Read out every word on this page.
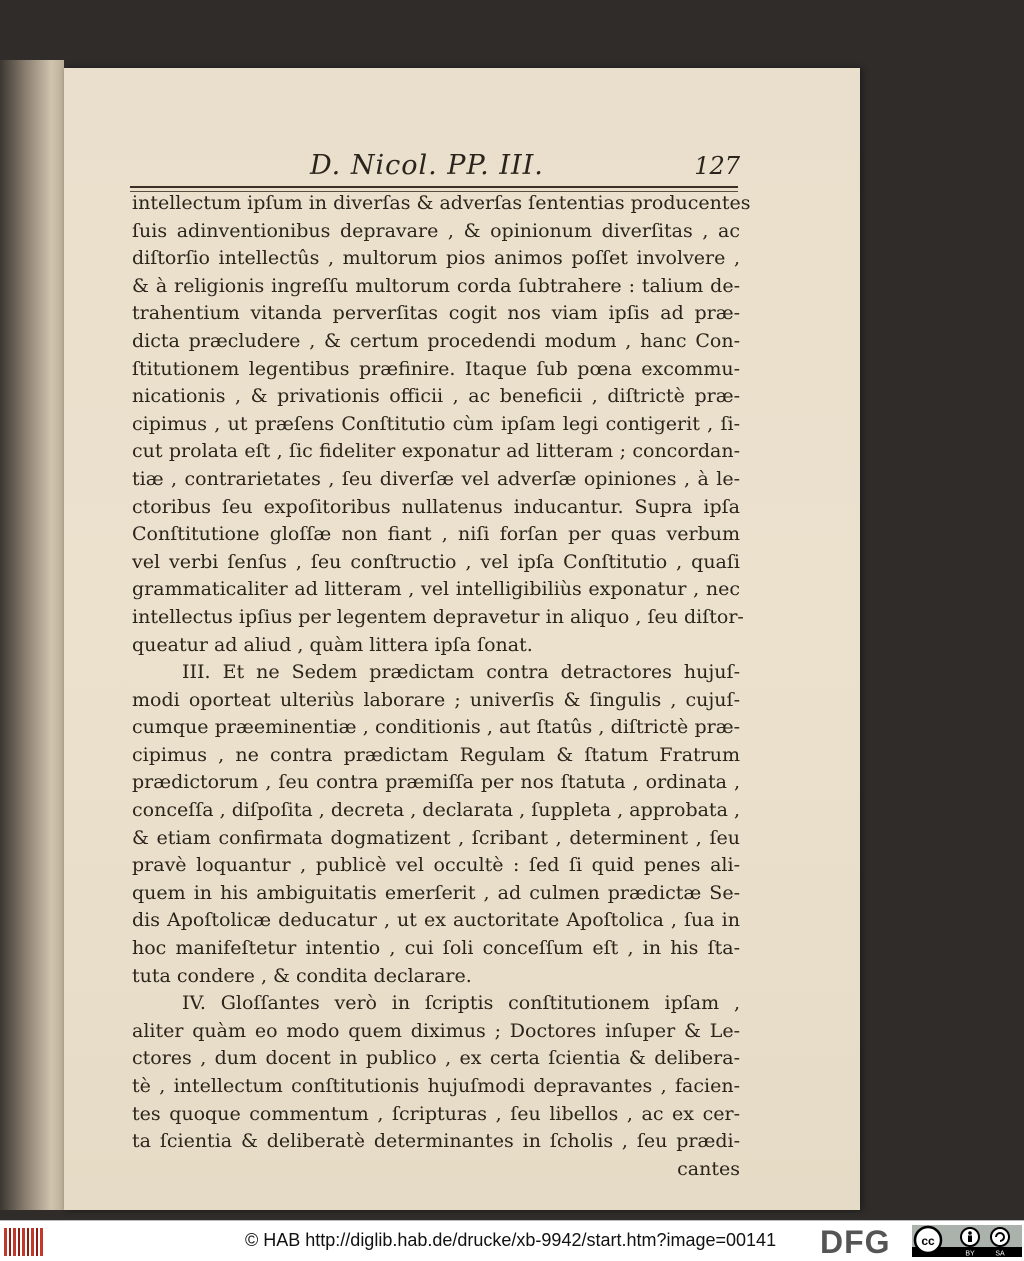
D. Nicol. PP. III.	127
intellectum ipſum in diverſas & adverſas ſententias producentes
ſuis adinventionibus depravare , & opinionum diverſitas , ac
diſtorſio intellectûs , multorum pios animos poſſet involvere ,
& à religionis ingreſſu multorum corda ſubtrahere : talium de-
trahentium vitanda perverſitas cogit nos viam ipſis ad præ-
dicta præcludere , & certum procedendi modum , hanc Con-
ſtitutionem legentibus præfinire. Itaque ſub pœna excommu-
nicationis , & privationis officii , ac beneficii , diſtrictè præ-
cipimus , ut præſens Conſtitutio cùm ipſam legi contigerit , ſi-
cut prolata eſt , ſic fideliter exponatur ad litteram ; concordan-
tiæ , contrarietates , ſeu diverſæ vel adverſæ opiniones , à le-
ctoribus ſeu expoſitoribus nullatenus inducantur. Supra ipſa
Conſtitutione gloſſæ non fiant , niſi forſan per quas verbum
vel verbi ſenſus , ſeu conſtructio , vel ipſa Conſtitutio , quaſi
grammaticaliter ad litteram , vel intelligibiliùs exponatur , nec
intellectus ipſius per legentem depravetur in aliquo , ſeu diſtor-
queatur ad aliud , quàm littera ipſa ſonat.
III. Et ne Sedem prædictam contra detractores hujuſ-
modi oporteat ulteriùs laborare ; univerſis & ſingulis , cujuſ-
cumque præeminentiæ , conditionis , aut ſtatûs , diſtrictè præ-
cipimus , ne contra prædictam Regulam & ſtatum Fratrum
prædictorum , ſeu contra præmiſſa per nos ſtatuta , ordinata ,
conceſſa , diſpoſita , decreta , declarata , ſuppleta , approbata ,
& etiam confirmata dogmatizent , ſcribant , determinent , ſeu
pravè loquantur , publicè vel occultè : ſed ſi quid penes ali-
quem in his ambiguitatis emerſerit , ad culmen prædictæ Se-
dis Apoſtolicæ deducatur , ut ex auctoritate Apoſtolica , ſua in
hoc manifeſtetur intentio , cui ſoli conceſſum eſt , in his ſta-
tuta condere , & condita declarare.
IV. Gloſſantes verò in ſcriptis conſtitutionem ipſam ,
aliter quàm eo modo quem diximus ; Doctores inſuper & Le-
ctores , dum docent in publico , ex certa ſcientia & delibera-
tè , intellectum conſtitutionis hujuſmodi depravantes , facien-
tes quoque commentum , ſcripturas , ſeu libellos , ac ex cer-
ta ſcientia & deliberatè determinantes in ſcholis , ſeu prædi-
cantes
© HAB http://diglib.hab.de/drucke/xb-9942/start.htm?image=00141 DFG	cc
BY	SA
